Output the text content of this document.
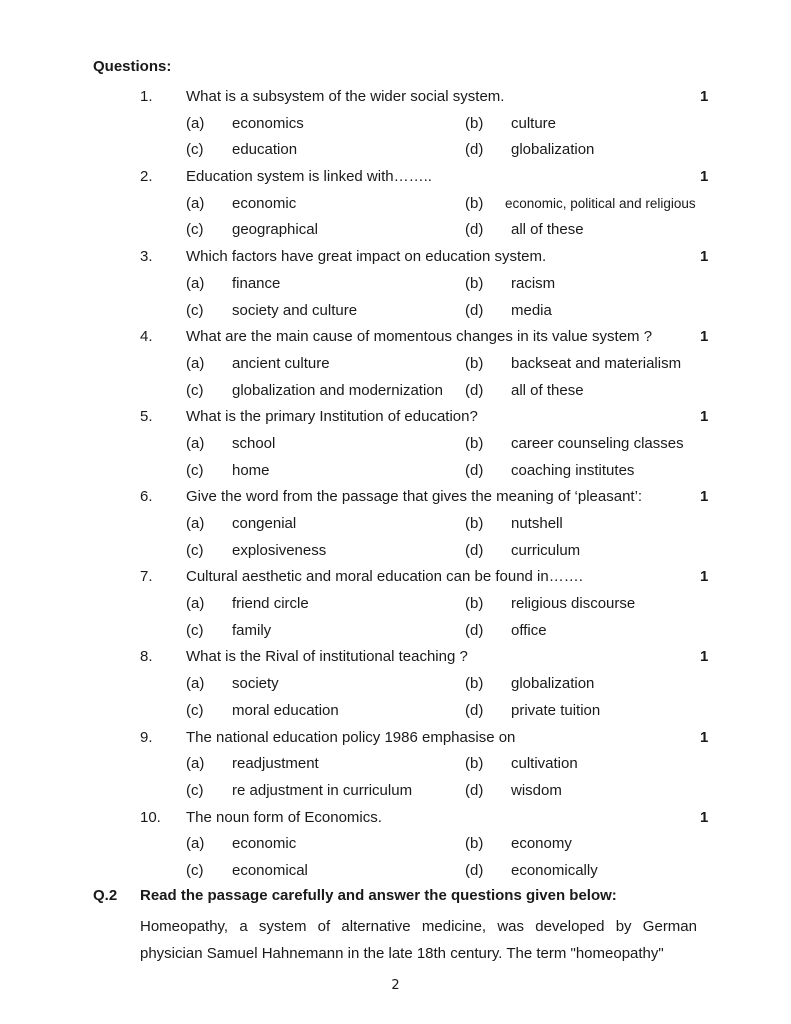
Questions:
1. What is a subsystem of the wider social system.	1
(a) economics	(b) culture
(c) education	(d) globalization
2. Education system is linked with……..	1
(a) economic	(b) economic, political and religious
(c) geographical	(d) all of these
3. Which factors have great impact on education system.	1
(a) finance	(b) racism
(c) society and culture	(d) media
4. What are the main cause of momentous changes in its value system ?	1
(a) ancient culture	(b) backseat and materialism
(c) globalization and modernization (d) all of these
5. What is the primary Institution of education?	1
(a) school	(b) career counseling classes
(c) home	(d) coaching institutes
6. Give the word from the passage that gives the meaning of ‘pleasant’:	1
(a) congenial	(b) nutshell
(c) explosiveness	(d) curriculum
7. Cultural aesthetic and moral education can be found in…….	1
(a) friend circle	(b) religious discourse
(c) family	(d) office
8. What is the Rival of institutional teaching ?	1
(a) society	(b) globalization
(c) moral education	(d) private tuition
9. The national education policy 1986 emphasise on	1
(a) readjustment	(b) cultivation
(c) re adjustment in curriculum	(d) wisdom
10. The noun form of Economics.	1
(a) economic	(b) economy
(c) economical	(d) economically
Q.2 Read the passage carefully and answer the questions given below:
Homeopathy, a system of alternative medicine, was developed by German physician Samuel Hahnemann in the late 18th century. The term "homeopathy"
2
